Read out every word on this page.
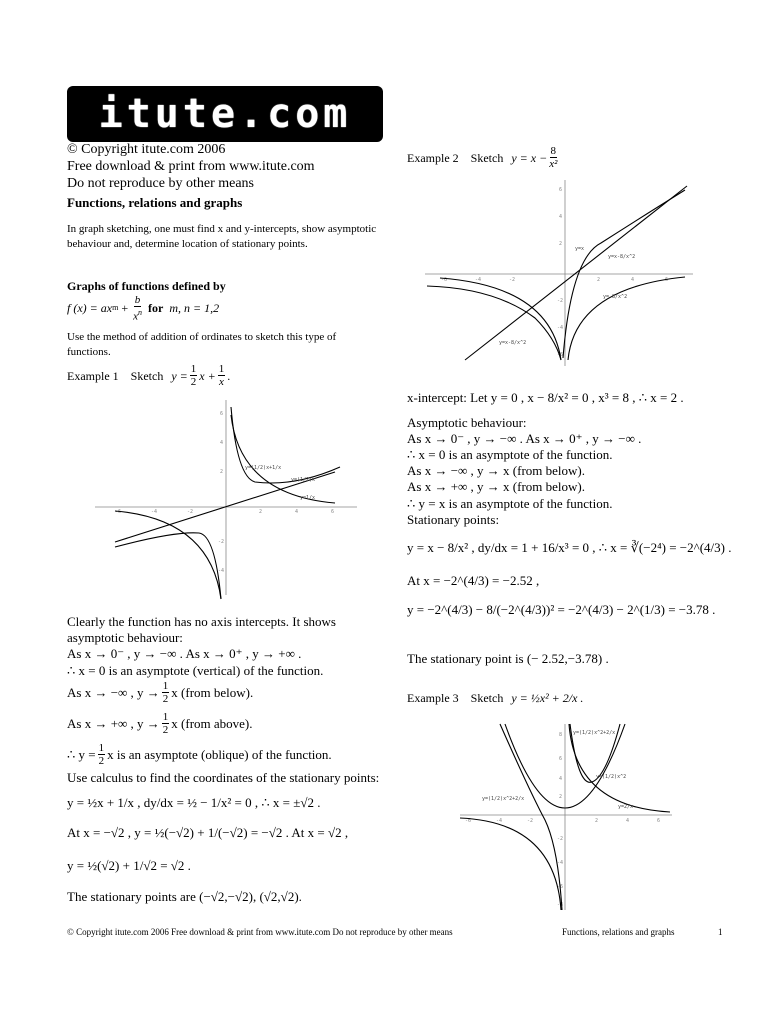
itute.com
© Copyright itute.com 2006
Free download & print from www.itute.com
Do not reproduce by other means
Functions, relations and graphs
In graph sketching, one must find x and y-intercepts, show asymptotic behaviour and, determine location of stationary points.
Graphs of functions defined by
f (x) = ax $m + \frac{b}{x^n}$ for m, n = 1,2
Use the method of addition of ordinates to sketch this type of functions.
Example 1 Sketch $y = \frac{1}{2}$ $x + \frac{1}{x}$ .
-6	-4	-2	2	4	6
6
4
2
-2
-4
y=(1/2)x+1/x
y=(1/2)x
y=1/x
Clearly the function has no axis intercepts. It shows
asymptotic behaviour:
As x → 0⁻ , y → −∞ . As x → 0⁺ , y → +∞ .
∴ x = 0 is an asymptote (vertical) of the function.
As x → −∞ , $y \to \frac{1}{2}$ x (from below).
As x → +∞ , $y \to \frac{1}{2}$ x (from above).
∴ $y = \frac{1}{2}$ x is an asymptote (oblique) of the function.
Use calculus to find the coordinates of the stationary points:
y = ½x + 1/x , dy/dx = ½ − 1/x² = 0 , ∴ x = ±√2 .
At x = −√2 , y = ½(−√2) + 1/(−√2) = −√2 . At x = √2 ,
y = ½(√2) + 1/√2 = √2 .
The stationary points are (−√2,−√2), (√2,√2).
Example 2 Sketch $y = x - \frac{8}{\text{x²}}$
-6	-4	-2	2	4	6
6
4
2
-2
-4
-6
y=x
y=x-8/x^2
y=-8/x^2
y=x-8/x^2
x-intercept: Let y = 0 , x − 8/x² = 0 , x³ = 8 , ∴ x = 2 .
Asymptotic behaviour:
As x → 0⁻ , y → −∞ . As x → 0⁺ , y → −∞ .
∴ x = 0 is an asymptote of the function.
As x → −∞ , y → x (from below).
As x → +∞ , y → x (from below).
∴ y = x is an asymptote of the function.
Stationary points:
y = x − 8/x² , dy/dx = 1 + 16/x³ = 0 , ∴ x = ∛(−2⁴) = −2^(4/3) .
At x = −2^(4/3) = −2.52 ,
y = −2^(4/3) − 8/(−2^(4/3))² = −2^(4/3) − 2^(1/3) = −3.78 .
The stationary point is (− 2.52,−3.78) .
Example 3 Sketch y = ½x² + 2/x .
-6	-4	-2	2	4	6
8
6
4
2
-2
-4
-6
-8
y=(1/2)x^2+2/x
y=(1/2)x^2
y=(1/2)x^2+2/x
y=2/x
© Copyright itute.com 2006 Free download & print from www.itute.com Do not reproduce by other means	Functions, relations and graphs	1
